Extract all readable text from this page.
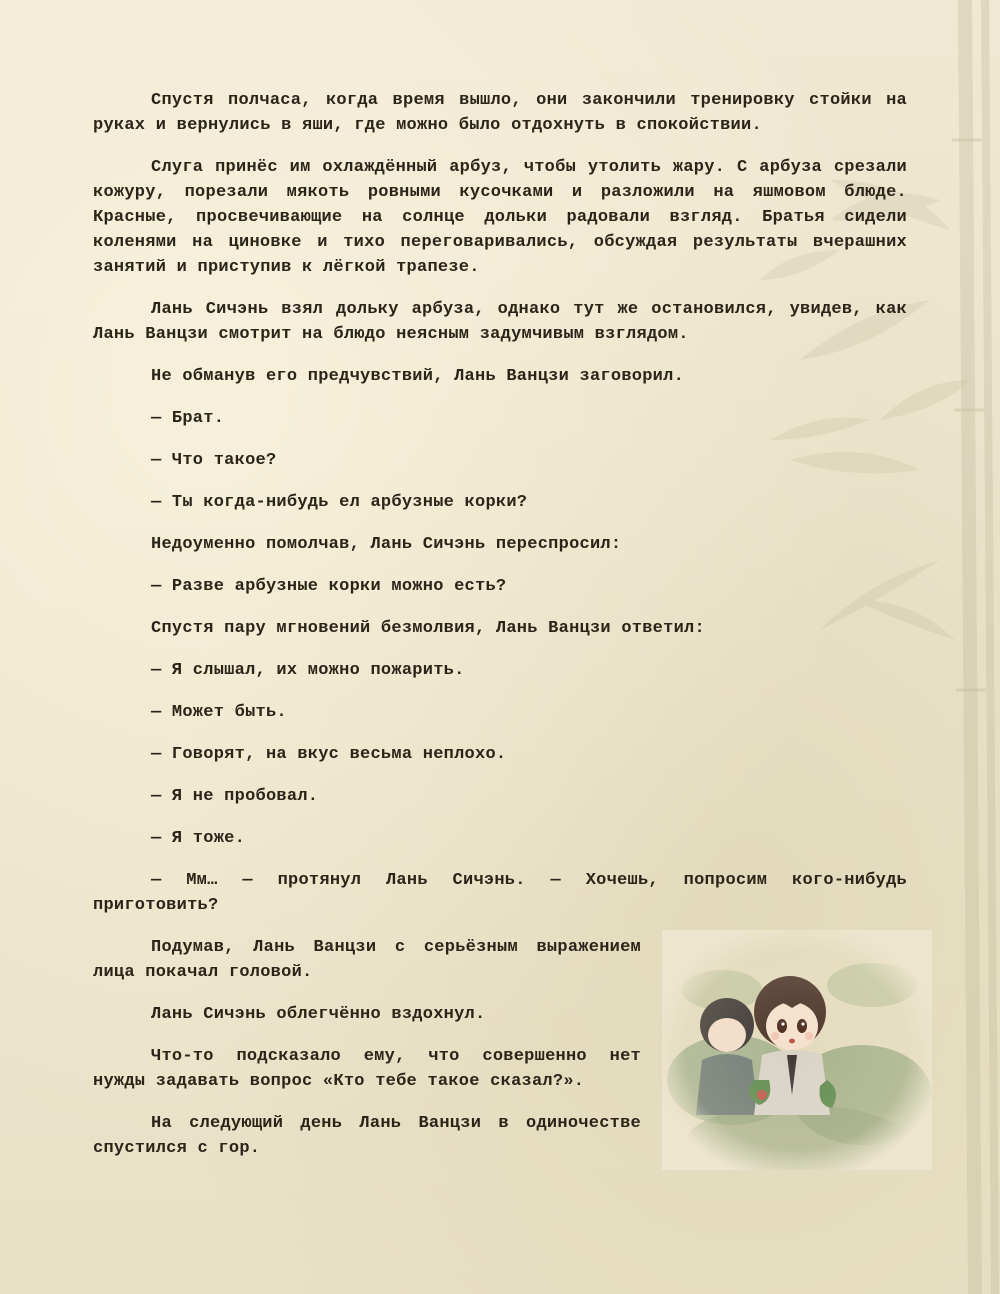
Спустя полчаса, когда время вышло, они закончили тренировку стойки на руках и вернулись в яши, где можно было отдохнуть в спокойствии.

Слуга принёс им охлаждённый арбуз, чтобы утолить жару. С арбуза срезали кожуру, порезали мякоть ровными кусочками и разложили на яшмовом блюде. Красные, просвечивающие на солнце дольки радовали взгляд. Братья сидели коленями на циновке и тихо переговаривались, обсуждая результаты вчерашних занятий и приступив к лёгкой трапезе.

Лань Сичэнь взял дольку арбуза, однако тут же остановился, увидев, как Лань Ванцзи смотрит на блюдо неясным задумчивым взглядом.

Не обманув его предчувствий, Лань Ванцзи заговорил.

— Брат.

— Что такое?

— Ты когда-нибудь ел арбузные корки?

Недоуменно помолчав, Лань Сичэнь переспросил:

— Разве арбузные корки можно есть?

Спустя пару мгновений безмолвия, Лань Ванцзи ответил:

— Я слышал, их можно пожарить.

— Может быть.

— Говорят, на вкус весьма неплохо.

— Я не пробовал.

— Я тоже.

— Мм… — протянул Лань Сичэнь. — Хочешь, попросим кого-нибудь приготовить?

Подумав, Лань Ванцзи с серьёзным выражением лица покачал головой.

Лань Сичэнь облегчённо вздохнул.

Что-то подсказало ему, что совершенно нет нужды задавать вопрос «Кто тебе такое сказал?».

На следующий день Лань Ванцзи в одиночестве спустился с гор.
